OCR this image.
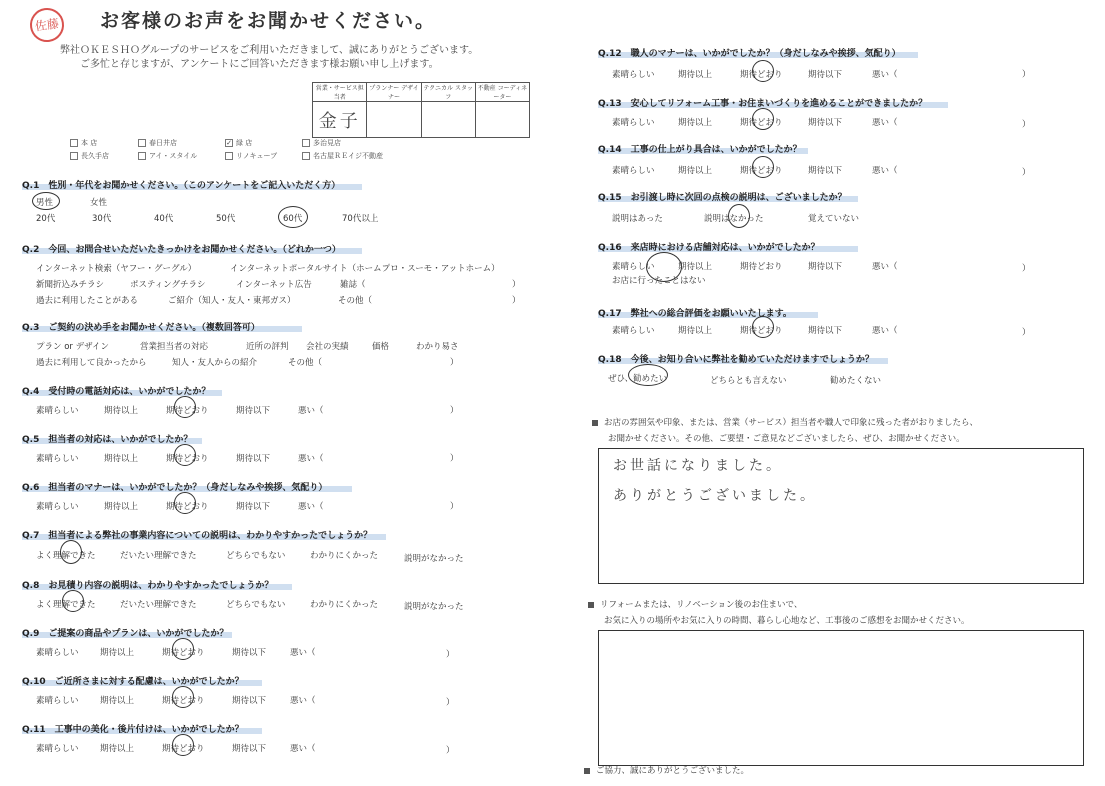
佐藤 お客様のお声をお聞かせください。
弊社ＯＫＥＳＨＯグループのサービスをご利用いただきまして、誠にありがとうございます。
ご多忙と存じますが、アンケートにご回答いただきます様お願い申し上げます。
営業・サービス担当者	プランナー デザイナー	テクニカル スタッフ	不動産 コーディネーター
金子			
本 店	春日井店	✓ 緑 店	多治見店
長久手店	アイ・スタイル	リノキューブ	名古屋ＲＥイジ不動産
Q.1　性別・年代をお聞かせください。（このアンケートをご記入いただく方）
男性	女性
20代	30代	40代	50代	60代	70代以上
Q.2　今回、お問合せいただいたきっかけをお聞かせください。（どれか一つ）
インターネット検索（ヤフー・グーグル）	インターネットポータルサイト（ホームプロ・スーモ・アットホーム）
新聞折込みチラシ	ポスティングチラシ	インターネット広告	雑誌（	）
過去に利用したことがある	ご紹介（知人・友人・東邦ガス）	その他（	）
Q.3　ご契約の決め手をお聞かせください。（複数回答可）
プラン or デザイン	営業担当者の対応	近所の評判 会社の実績	価格	わかり易さ
過去に利用して良かったから	知人・友人からの紹介	その他（	）
Q.4　受付時の電話対応は、いかがでしたか？
素晴らしい	期待以上	期待どおり	期待以下	悪い（	）
Q.5　担当者の対応は、いかがでしたか？
素晴らしい	期待以上	期待どおり	期待以下	悪い（	）
Q.6　担当者のマナーは、いかがでしたか？（身だしなみや挨拶、気配り）
素晴らしい	期待以上	期待どおり	期待以下	悪い（	）
Q.7　担当者による弊社の事業内容についての説明は、わかりやすかったでしょうか？
よく理解できた	だいたい理解できた	どちらでもない	わかりにくかった	説明がなかった
Q.8　お見積り内容の説明は、わかりやすかったでしょうか？
よく理解できた	だいたい理解できた	どちらでもない	わかりにくかった	説明がなかった
Q.9　ご提案の商品やプランは、いかがでしたか？
素晴らしい	期待以上	期待どおり	期待以下	悪い（	）
Q.10　ご近所さまに対する配慮は、いかがでしたか？
素晴らしい	期待以上	期待どおり	期待以下	悪い（	）
Q.11　工事中の美化・後片付けは、いかがでしたか？
素晴らしい	期待以上	期待どおり	期待以下	悪い（	）
Q.12　職人のマナーは、いかがでしたか？（身だしなみや挨拶、気配り）
素晴らしい	期待以上	期待どおり	期待以下	悪い（	）
Q.13　安心してリフォーム工事・お住まいづくりを進めることができましたか？
素晴らしい	期待以上	期待どおり	期待以下	悪い（	）
Q.14　工事の仕上がり具合は、いかがでしたか？
素晴らしい	期待以上	期待どおり	期待以下	悪い（	）
Q.15　お引渡し時に次回の点検の説明は、ございましたか？
説明はあった	説明はなかった	覚えていない
Q.16　来店時における店舗対応は、いかがでしたか？
素晴らしい	期待以上	期待どおり	期待以下	悪い（	）
お店に行ったことはない
Q.17　弊社への総合評価をお願いいたします。
素晴らしい	期待以上	期待どおり	期待以下	悪い（	）
Q.18　今後、お知り合いに弊社を勧めていただけますでしょうか？
ぜひ、勧めたい	どちらとも言えない	勧めたくない
お店の雰囲気や印象、または、営業（サービス）担当者や職人で印象に残った者がおりましたら、
お聞かせください。その他、ご要望・ご意見などございましたら、ぜひ、お聞かせください。
お世話になりました。
ありがとうございました。
リフォームまたは、リノベーション後のお住まいで、
お気に入りの場所やお気に入りの時間、暮らし心地など、工事後のご感想をお聞かせください。
ご協力、誠にありがとうございました。
